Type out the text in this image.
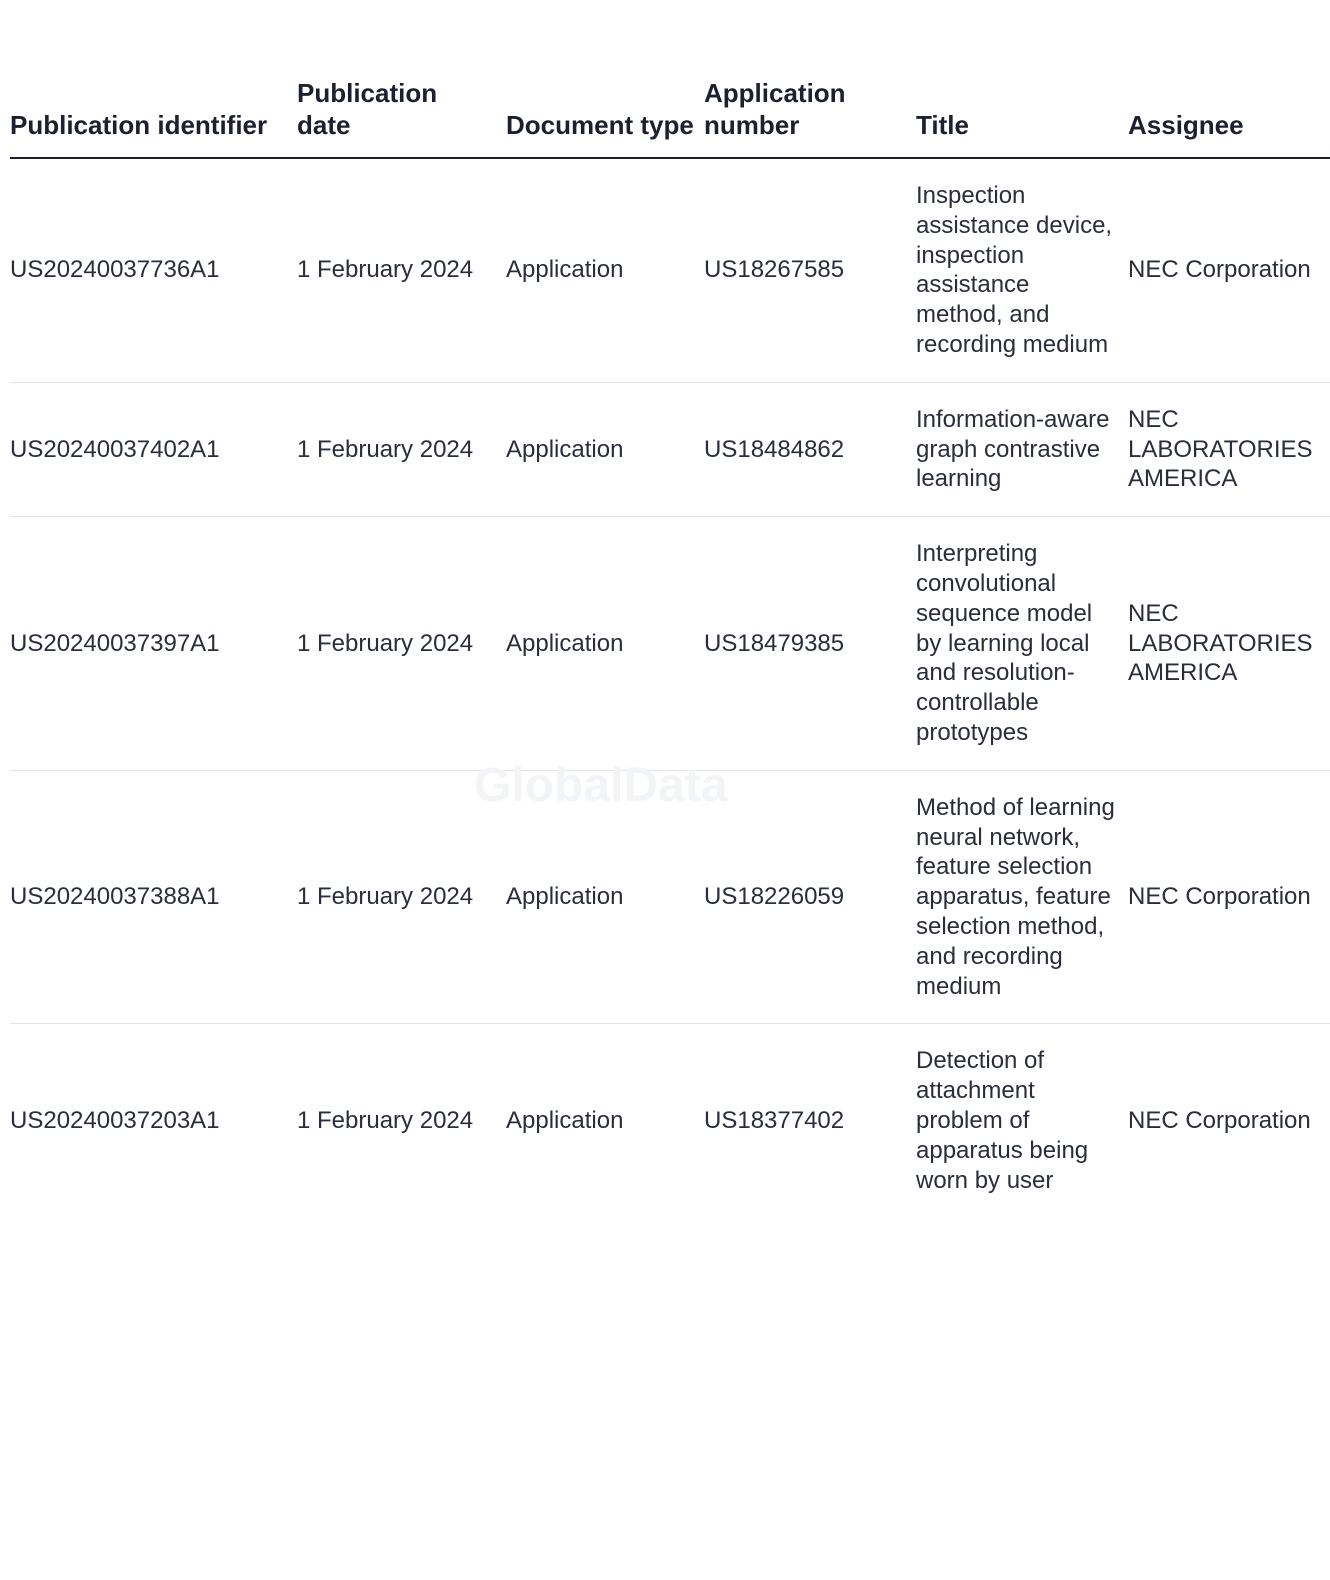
Publication identifier	Publication date	Document type	Application number	Title	Assignee
US20240037736A1	1 February 2024	Application	US18267585	Inspection assistance device, inspection assistance method, and recording medium	NEC Corporation
US20240037402A1	1 February 2024	Application	US18484862	Information-aware graph contrastive learning	NEC LABORATORIES AMERICA
US20240037397A1	1 February 2024	Application	US18479385	Interpreting convolutional sequence model by learning local and resolution-controllable prototypes	NEC LABORATORIES AMERICA
US20240037388A1	1 February 2024	Application	US18226059	Method of learning neural network, feature selection apparatus, feature selection method, and recording medium	NEC Corporation
US20240037203A1	1 February 2024	Application	US18377402	Detection of attachment problem of apparatus being worn by user	NEC Corporation
GlobalData
